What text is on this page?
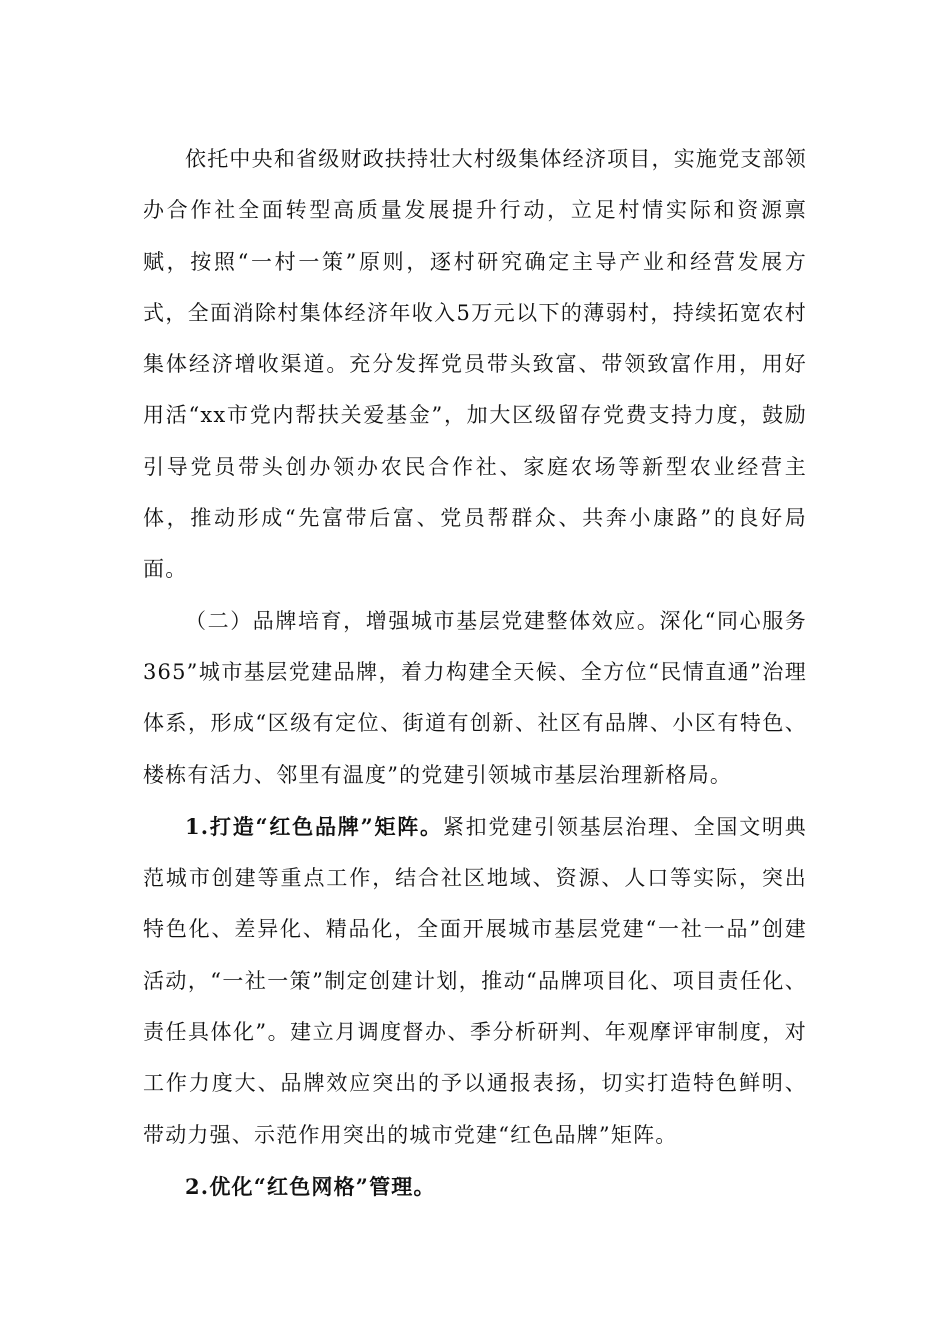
依托中央和省级财政扶持壮大村级集体经济项目，实施党支部领办合作社全面转型高质量发展提升行动，立足村情实际和资源禀赋，按照“一村一策”原则，逐村研究确定主导产业和经营发展方式，全面消除村集体经济年收入5万元以下的薄弱村，持续拓宽农村集体经济增收渠道。充分发挥党员带头致富、带领致富作用，用好用活“xx市党内帮扶关爱基金”，加大区级留存党费支持力度，鼓励引导党员带头创办领办农民合作社、家庭农场等新型农业经营主体，推动形成“先富带后富、党员帮群众、共奔小康路”的良好局面。

（二）品牌培育，增强城市基层党建整体效应。深化“同心服务365”城市基层党建品牌，着力构建全天候、全方位“民情直通”治理体系，形成“区级有定位、街道有创新、社区有品牌、小区有特色、楼栋有活力、邻里有温度”的党建引领城市基层治理新格局。

1.打造“红色品牌”矩阵。紧扣党建引领基层治理、全国文明典范城市创建等重点工作，结合社区地域、资源、人口等实际，突出特色化、差异化、精品化，全面开展城市基层党建“一社一品”创建活动，“一社一策”制定创建计划，推动“品牌项目化、项目责任化、责任具体化”。建立月调度督办、季分析研判、年观摩评审制度，对工作力度大、品牌效应突出的予以通报表扬，切实打造特色鲜明、带动力强、示范作用突出的城市党建“红色品牌”矩阵。

2.优化“红色网格”管理。
